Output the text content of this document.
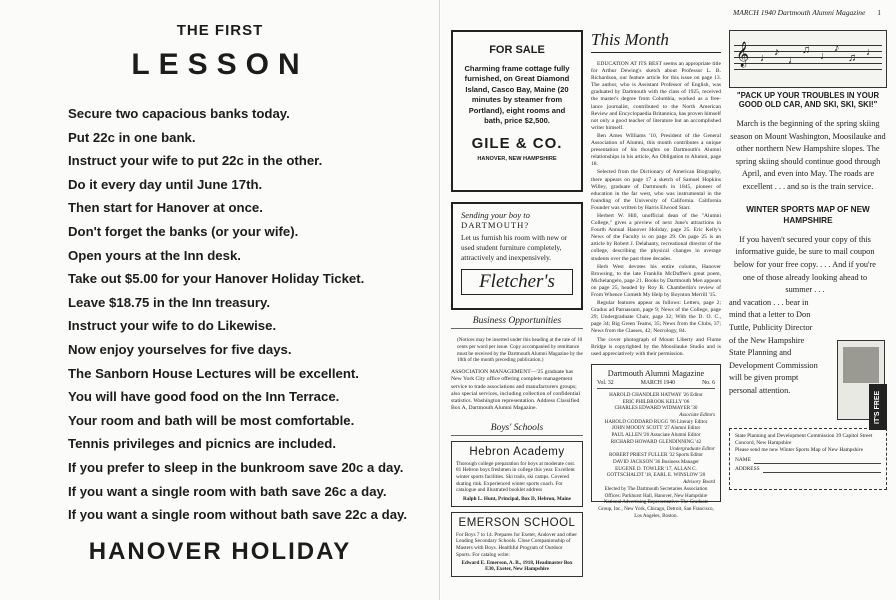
THE FIRST
LESSON
Secure two capacious banks today.
Put 22c in one bank.
Instruct your wife to put 22c in the other.
Do it every day until June 17th.
Then start for Hanover at once.
Don't forget the banks (or your wife).
Open yours at the Inn desk.
Take out $5.00 for your Hanover Holiday Ticket.
Leave $18.75 in the Inn treasury.
Instruct your wife to do Likewise.
Now enjoy yourselves for five days.
The Sanborn House Lectures will be excellent.
You will have good food on the Inn Terrace.
Your room and bath will be most comfortable.
Tennis privileges and picnics are included.
If you prefer to sleep in the bunkroom save 20c a day.
If you want a single room with bath save 26c a day.
If you want a single room without bath save 22c a day.
HANOVER HOLIDAY
MARCH 1940 Dartmouth Alumni Magazine 1
FOR SALE
Charming frame cottage fully furnished, on Great Diamond Island, Casco Bay, Maine (20 minutes by steamer from Portland), eight rooms and bath, price $2,500.
GILE & CO.
HANOVER, NEW HAMPSHIRE
Sending your boy to
DARTMOUTH?
Let us furnish his room with new or used student furniture completely, attractively and inexpensively.
Fletcher's
Business Opportunities
(Notices may be inserted under this heading at the rate of 10 cents per word per issue. Copy accompanied by remittance must be received by the Dartmouth Alumni Magazine by the 10th of the month preceding publication.)
ASSOCIATION MANAGEMENT—'25 graduate has New York City office offering complete management service to trade associations and manufacturers groups; also special services, including collection of confidential statistics. Washington representation. Address Classified Box A, Dartmouth Alumni Magazine.
Boys' Schools
Hebron Academy
Thorough college preparation for boys at moderate cost. 81 Hebron boys freshmen in college this year. Excellent winter sports facilities. Ski trails, ski camps. Covered skating rink. Experienced winter sports coach. For catalogue and illustrated booklet address
Ralph L. Hunt, Principal, Box D, Hebron, Maine
EMERSON SCHOOL
For Boys 7 to 14. Prepares for Exeter, Andover and other Leading Secondary Schools. Close Companionship of Masters with Boys. Healthful Program of Outdoor Sports. For catalog write:
Edward E. Emerson, A. B., 1918, Headmaster Box E30, Exeter, New Hampshire
This Month

EDUCATION AT ITS BEST seems an appropriate title for Arthur Dewing's sketch about Professor L. B. Richardson, our feature article for this issue on page 13. The author, who is Assistant Professor of English, was graduated by Dartmouth with the class of 1925, received the master's degree from Columbia, worked as a free-lance journalist, contributed to the North American Review and Encyclopaedia Britannica, has proven himself not only a good teacher of literature but an accomplished writer himself.

Ben Ames Williams '10, President of the General Association of Alumni, this month contributes a unique presentation of his thoughts on Dartmouth's Alumni relationships in his article, An Obligation to Alumni, page 18.

Selected from the Dictionary of American Biography, there appears on page 17 a sketch of Samuel Hopkins Willey, graduate of Dartmouth in 1845, pioneer of education in the far west, who was instrumental in the founding of the University of California. California Founder was written by Harris Elwood Starr.

Herbert W. Hill, unofficial dean of the "Alumni College," gives a preview of next June's attractions in Fourth Annual Hanover Holiday, page 25. Eric Kelly's News of the Faculty is on page 29. On page 25 is an article by Robert J. Delahanty, recreational director of the college, describing the physical changes in average students over the past three decades.

Herb West devotes his entire column, Hanover Browsing, to the late Franklin McDuffee's great poem, Michelangelo, page 21. Books by Dartmouth Men appears on page 25, headed by Roy B. Chamberlin's review of From Whence Cometh My Help by Boynton Merrill '15.

Regular features appear as follows: Letters, page 2; Gradus ad Parnassum, page 9; News of the College, page 29; Undergraduate Chair, page 32; With the D. O. C., page 34; Big Green Teams, 35; News from the Clubs, 37; News from the Classes, 42; Necrology, 84.

The cover photograph of Mount Liberty and Flume Bridge is copyrighted by the Moosilauke Studio and is used appreciatively with their permission.

Dartmouth Alumni Magazine
Vol. 32	MARCH 1940	No. 6
HAROLD CHANDLER HATWAY '26 Editor
ERIC PHILBROOK KELLY '06
CHARLES EDWARD WIDMAYER '30
Associate Editors
HAROLD GODDARD RUGG '06 Literary Editor
JOHN MOODY SCOTT '27 Alumni Editor
PAUL ALLEN '26 Associate Alumni Editor
RICHARD HOWARD GLENDINNING '42
Undergraduate Editor
ROBERT PRIEST FULLER '32 Sports Editor
DAVID JACKSON '36 Business Manager
EUGENE D. TOWLER '17, ALLAN C. GOTTSCHALDT '18, EARL E. WINSLOW '20
Advisory Board
Elected by The Dartmouth Secretaries Association
Offices: Parkhurst Hall, Hanover, New Hampshire
National Advertising Representative: The Graduate Group, Inc., New York, Chicago, Detroit, San Francisco, Los Angeles, Boston.
𝄞 ♩ ♪
♩
♫ ♩
♪
♫ ♩
"PACK UP YOUR TROUBLES IN YOUR GOOD OLD CAR, AND SKI, SKI, SKI!"
March is the beginning of the spring skiing season on Mount Washington, Moosilauke and other northern New Hampshire slopes. The spring skiing should continue good through April, and even into May. The roads are excellent . . . and so is the train service.
WINTER SPORTS MAP OF NEW HAMPSHIRE
If you haven't secured your copy of this informative guide, be sure to mail coupon below for your free copy. . . . And if you're one of those already looking ahead to summer . . .
and vacation . . . bear in mind that a letter to Don Tuttle, Publicity Director of the New Hampshire State Planning and Development Commission will be given prompt personal attention.	IT'S FREE
State Planning and Development Commission 39 Capitol Street Concord, New Hampshire
Please send me new Winter Sports Map of New Hampshire
NAME
ADDRESS
